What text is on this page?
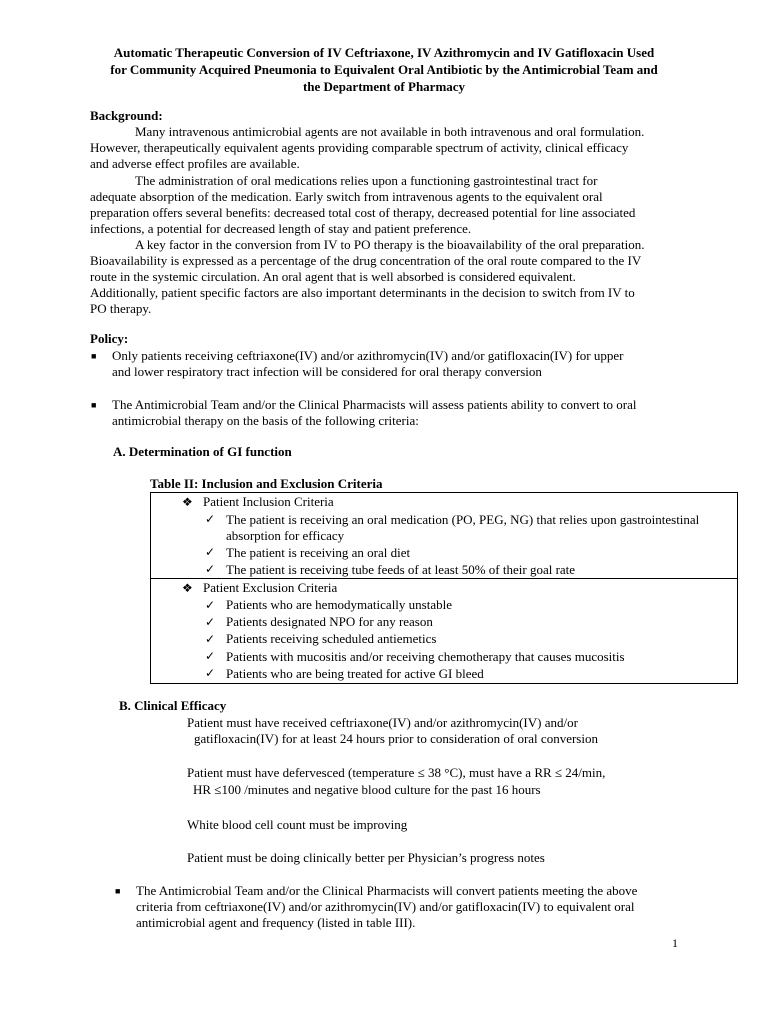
Automatic Therapeutic Conversion of IV Ceftriaxone, IV Azithromycin and IV Gatifloxacin Used
for Community Acquired Pneumonia to Equivalent Oral Antibiotic by the Antimicrobial Team and
the Department of Pharmacy
Background:
Many intravenous antimicrobial agents are not available in both intravenous and oral formulation.
However, therapeutically equivalent agents providing comparable spectrum of activity, clinical efficacy
and adverse effect profiles are available.
The administration of oral medications relies upon a functioning gastrointestinal tract for
adequate absorption of the medication. Early switch from intravenous agents to the equivalent oral
preparation offers several benefits: decreased total cost of therapy, decreased potential for line associated
infections, a potential for decreased length of stay and patient preference.
A key factor in the conversion from IV to PO therapy is the bioavailability of the oral preparation.
Bioavailability is expressed as a percentage of the drug concentration of the oral route compared to the IV
route in the systemic circulation. An oral agent that is well absorbed is considered equivalent.
Additionally, patient specific factors are also important determinants in the decision to switch from IV to
PO therapy.
Policy:
■ Only patients receiving ceftriaxone(IV) and/or azithromycin(IV) and/or gatifloxacin(IV) for upper
and lower respiratory tract infection will be considered for oral therapy conversion
■ The Antimicrobial Team and/or the Clinical Pharmacists will assess patients ability to convert to oral
antimicrobial therapy on the basis of the following criteria:
A. Determination of GI function
Table II: Inclusion and Exclusion Criteria
❖ Patient Inclusion Criteria
✓ The patient is receiving an oral medication (PO, PEG, NG) that relies upon gastrointestinal
absorption for efficacy
✓ The patient is receiving an oral diet
✓ The patient is receiving tube feeds of at least 50% of their goal rate
❖ Patient Exclusion Criteria
✓ Patients who are hemodymatically unstable
✓ Patients designated NPO for any reason
✓ Patients receiving scheduled antiemetics
✓ Patients with mucositis and/or receiving chemotherapy that causes mucositis
✓ Patients who are being treated for active GI bleed
B. Clinical Efficacy
Patient must have received ceftriaxone(IV) and/or azithromycin(IV) and/or
gatifloxacin(IV) for at least 24 hours prior to consideration of oral conversion
Patient must have defervesced (temperature ≤ 38 °C), must have a RR ≤ 24/min,
HR ≤100 /minutes and negative blood culture for the past 16 hours
White blood cell count must be improving
Patient must be doing clinically better per Physician’s progress notes
■ The Antimicrobial Team and/or the Clinical Pharmacists will convert patients meeting the above
criteria from ceftriaxone(IV) and/or azithromycin(IV) and/or gatifloxacin(IV) to equivalent oral
antimicrobial agent and frequency (listed in table III).
1
